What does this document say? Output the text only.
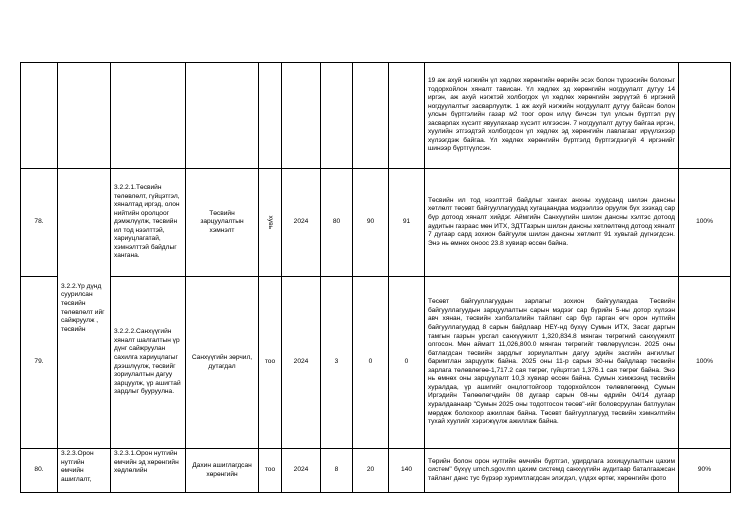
									19 аж ахуй нэгжийн үл хөдлөх хөрөнгийн өөрийн эсэх болон түрээсийн болохыг тодорхойлон хяналт тависан. Үл хөдлөх эд хөрөнгийн ногдуулалт дутуу 14 иргэн, аж ахуй нэгжтэй холбогдох үл хөдлөх хөрөнгийн зөрүүтэй 6 иргэний ногдуулалтыг засварлуулж. 1 аж ахуй нэгжийн ногдуулалт дутуу байсан болон улсын бүртгэлийн газар м2 тоог орон илүү бичсэн тул улсын бүртгэл рүү засварлах хүсэлт явуулахаар хүсэлт илгээсэн. 7 ногдуулалт дутуу байгаа иргэн, хуулийн этгээдтэй холбогдсон үл хөдлөх эд хөрөнгийн лавлагааг ирүүлэхээр хүлээгдэж байгаа. Үл хөдлөх хөрөнгийн бүртгэлд бүртгэгдээгүй 4 иргэнийг шинээр бүртгүүлсэн.	
78.	3.2.2.Үр дүнд суурилсан төсвийн төлөвлөлт ийг сайжруулж , төсвийн	3.2.2.1.Төсвийн төлөвлөлт, гүйцэтгэл, хяналтад иргэд, олон нийтийн оролцоог дэмжлүүлж, төсвийн ил тод нээлттэй, хариуцлагатай, хэмнэлттэй байдлыг хангана.	Төсвийн зарцуулалтын хэмнэлт	хувь	2024	80	90	91	Төсвийн ил тод нээлттэй байдлыг хангах анхны хуудсанд шилэн дансны хөтлөлт төсөвт байгууллагуудад хугацаандаа мэдээллээ оруулж бүх зээхад сар бүр дотоод хяналт хийдэг. Аймгийн Санхүүгийн шилэн дансны хэлтэс дотоод аудитын газраас мөн ИТХ, ЗДТГазрын шилэн дансны хөтлөлтөнд дотоод хяналт 7 дугаар сард зохион байгуулж шилэн дансны хөтлөлт 91 хувьтай дүгнэгдсэн. Энэ нь өмнөх оноос 23.8 хувиар өссөн байна.	100%
79.		3.2.2.2.Санхүүгийн хяналт шалгалтын үр дүнг сайжруулан сахилга хариуцлагыг дээшлүүлж, төсвийг зориулалтын дагуу зарцуулж, үр ашигтай зардлыг бууруулна.	Санхүүгийн зөрчил, дутагдал	тоо	2024	3	0	0	Төсөвт байгууллагуудын зарлагыг зохион байгуулахдаа Төсвийн байгууллагуудын зарцуулалтын сарын мэдээг сар бүрийн 5-ны дотор хүлээн авч хянан, төсвийн хэлбэлзлийн тайланг сар бүр гарган өгч орон нутгийн байгууллагуудад 8 сарын байдлаар НЕҮ-нд бүхүү Сумын ИТХ, Засаг даргын тамгын газрын урсгал санхүүжилт 1,320,834.8 мянган төгрөгний санхүүжилт олгосон. Мөн аймагт 11,026,800.0 мянган төгрөгийг төвлөрүүлсэн. 2025 оны батлагдсан төсвийн зардлыг зориулалтын дагуу эдийн засгийн ангиллыг баримтлан зарцуулж байна. 2025 оны 11-р сарын 30-ны байдлаар төсвийн зарлага төлөвлөгөө-1,717.2 сая төгрөг, гүйцэтгэл 1,376.1 сая төгрөг байна. Энэ нь өмнөх оны зарцуулалт 10,3 хувиар өссөн байна. Сумын хэмжээнд төсвийн хуралдаа, үр ашигийг онцлогтойгоор тодорхойлсон төлөвлөгөөнд Сумын Иргэдийн Төлөөлөгчдийн 08 дугаар сарын 08-ны өдрийн 04/14 дугаар хуралдаанаар "Сумын 2025 оны тодотгосон төсөв"-ийг боловсруулан батлуулан мөрдөж болохоор ажиллаж байна. Төсөвт байгууллагууд төсвийн хэмнэлтийн тухай хуулийг хэрэгжүүлж ажиллаж байна.	100%
80.	3.2.3.Орон нутгийн өмчийн ашиглалт,	3.2.3.1.Орон нутгийн өмчийн эд хөрөнгийн хөдлөлийн	Дахин ашиглагдсан хөрөнгийн	тоо	2024	8	20	140	Төрийн болон орон нутгийн өмчийн бүртгэл, удирдлага зохицуулалтын цахим систем" бүхүү umch.sgov.mn цахим системд санхүүгийн аудитаар баталгаажсан тайланг данс тус бүрээр хуримтлагдсан элэгдэл, үлдэх өртөг, хөрөнгийн фото	90%
